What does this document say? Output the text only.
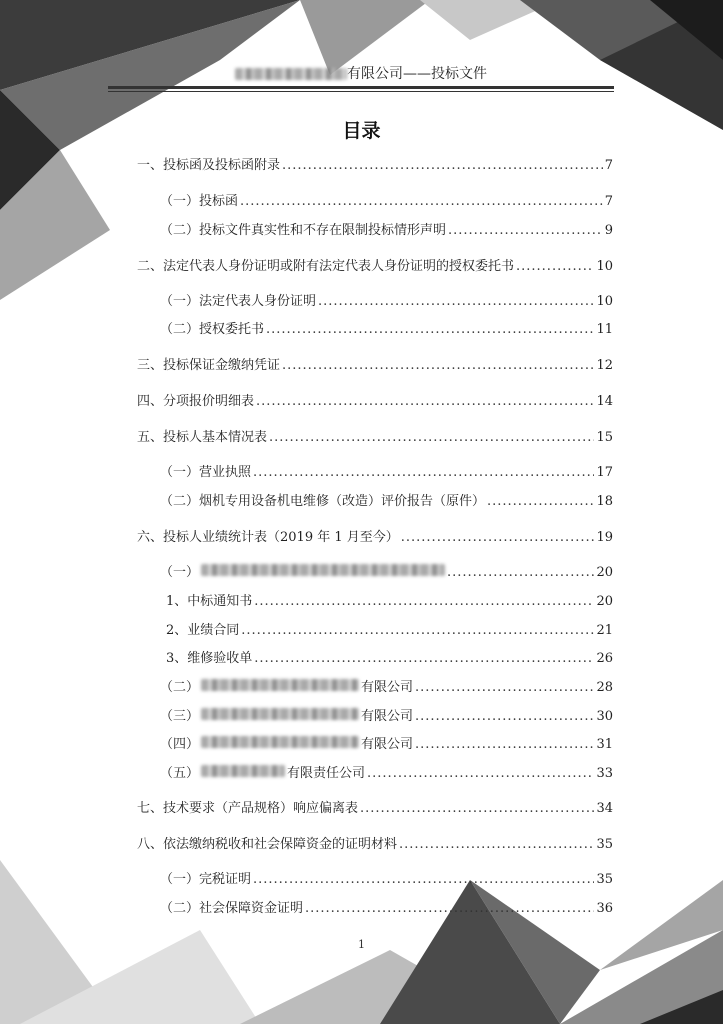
有限公司——投标文件
目录
一、投标函及投标函附录 .....	7
（一）投标函 .....	7
（二）投标文件真实性和不存在限制投标情形声明 .....	9
二、法定代表人身份证明或附有法定代表人身份证明的授权委托书 .....	10
（一）法定代表人身份证明 .....	10
（二）授权委托书 .....	11
三、投标保证金缴纳凭证 .....	12
四、分项报价明细表 .....	14
五、投标人基本情况表 .....	15
（一）营业执照 .....	17
（二）烟机专用设备机电维修（改造）评价报告（原件） .....	18
六、投标人业绩统计表（2019 年 1 月至今） .....	19
（一） .....	20
1、中标通知书 .....	20
2、业绩合同 .....	21
3、维修验收单 .....	26
（二）	有限公司 .....	28
（三）	有限公司 .....	30
（四）	有限公司 .....	31
（五）	有限责任公司 .....	33
七、技术要求（产品规格）响应偏离表 .....	34
八、依法缴纳税收和社会保障资金的证明材料 .....	35
（一）完税证明 .....	35
（二）社会保障资金证明 .....	36
1
